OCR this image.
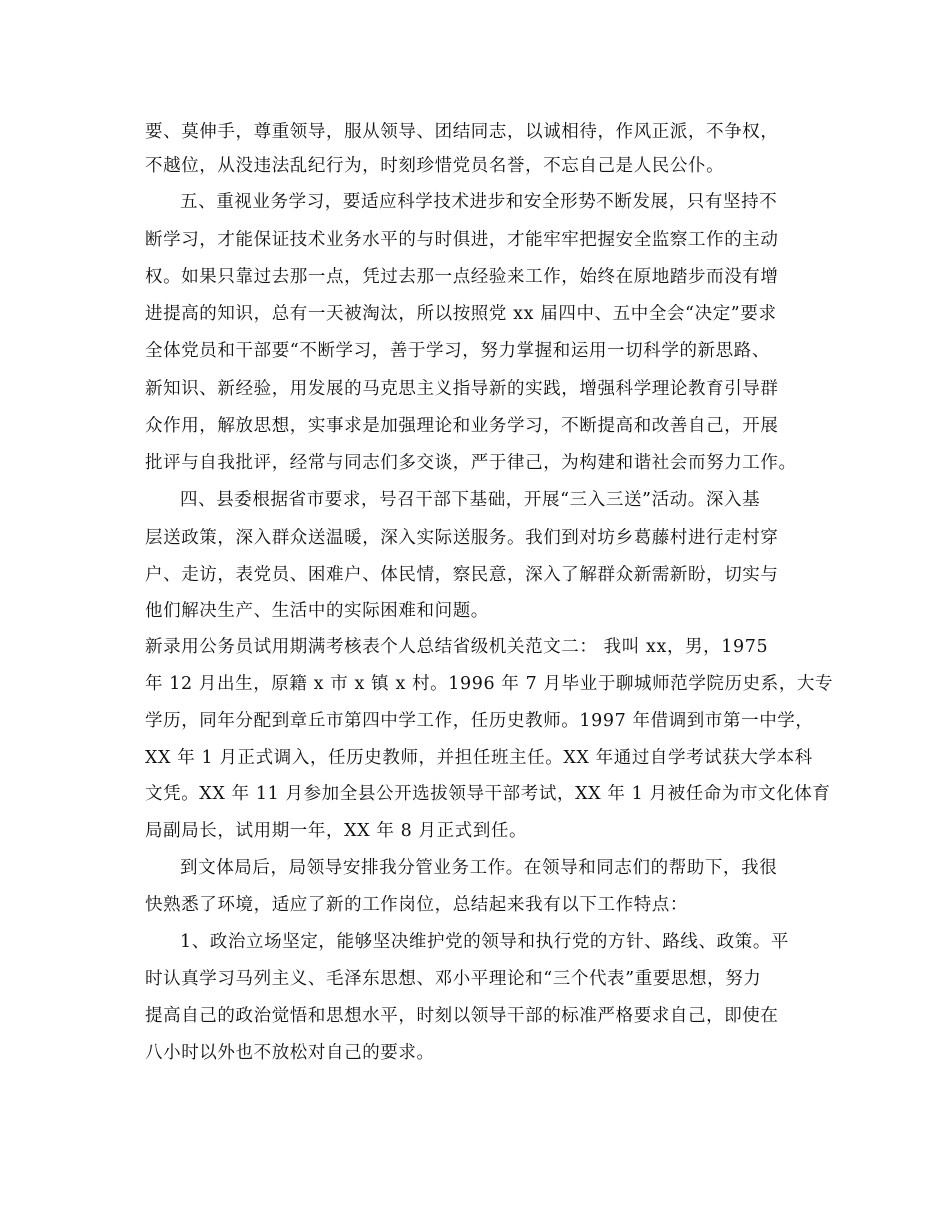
要、莫伸手，尊重领导，服从领导、团结同志，以诚相待，作风正派，不争权，
不越位，从没违法乱纪行为，时刻珍惜党员名誉，不忘自己是人民公仆。
五、重视业务学习，要适应科学技术进步和安全形势不断发展，只有坚持不
断学习，才能保证技术业务水平的与时俱进，才能牢牢把握安全监察工作的主动
权。如果只靠过去那一点，凭过去那一点经验来工作，始终在原地踏步而没有增
进提高的知识，总有一天被淘汰，所以按照党 xx 届四中、五中全会“决定”要求
全体党员和干部要“不断学习，善于学习，努力掌握和运用一切科学的新思路、
新知识、新经验，用发展的马克思主义指导新的实践，增强科学理论教育引导群
众作用，解放思想，实事求是加强理论和业务学习，不断提高和改善自己，开展
批评与自我批评，经常与同志们多交谈，严于律己，为构建和谐社会而努力工作。
四、县委根据省市要求，号召干部下基础，开展“三入三送”活动。深入基
层送政策，深入群众送温暖，深入实际送服务。我们到对坊乡葛藤村进行走村穿
户、走访，表党员、困难户、体民情，察民意，深入了解群众新需新盼，切实与
他们解决生产、生活中的实际困难和问题。
新录用公务员试用期满考核表个人总结省级机关范文二： 我叫 xx，男，1975
年 12 月出生，原籍 x 市 x 镇 x 村。1996 年 7 月毕业于聊城师范学院历史系，大专
学历，同年分配到章丘市第四中学工作，任历史教师。1997 年借调到市第一中学，
XX 年 1 月正式调入，任历史教师，并担任班主任。XX 年通过自学考试获大学本科
文凭。XX 年 11 月参加全县公开选拔领导干部考试，XX 年 1 月被任命为市文化体育
局副局长，试用期一年，XX 年 8 月正式到任。
到文体局后，局领导安排我分管业务工作。在领导和同志们的帮助下，我很
快熟悉了环境，适应了新的工作岗位，总结起来我有以下工作特点：
1、政治立场坚定，能够坚决维护党的领导和执行党的方针、路线、政策。平
时认真学习马列主义、毛泽东思想、邓小平理论和“三个代表”重要思想，努力
提高自己的政治觉悟和思想水平，时刻以领导干部的标准严格要求自己，即使在
八小时以外也不放松对自己的要求。
